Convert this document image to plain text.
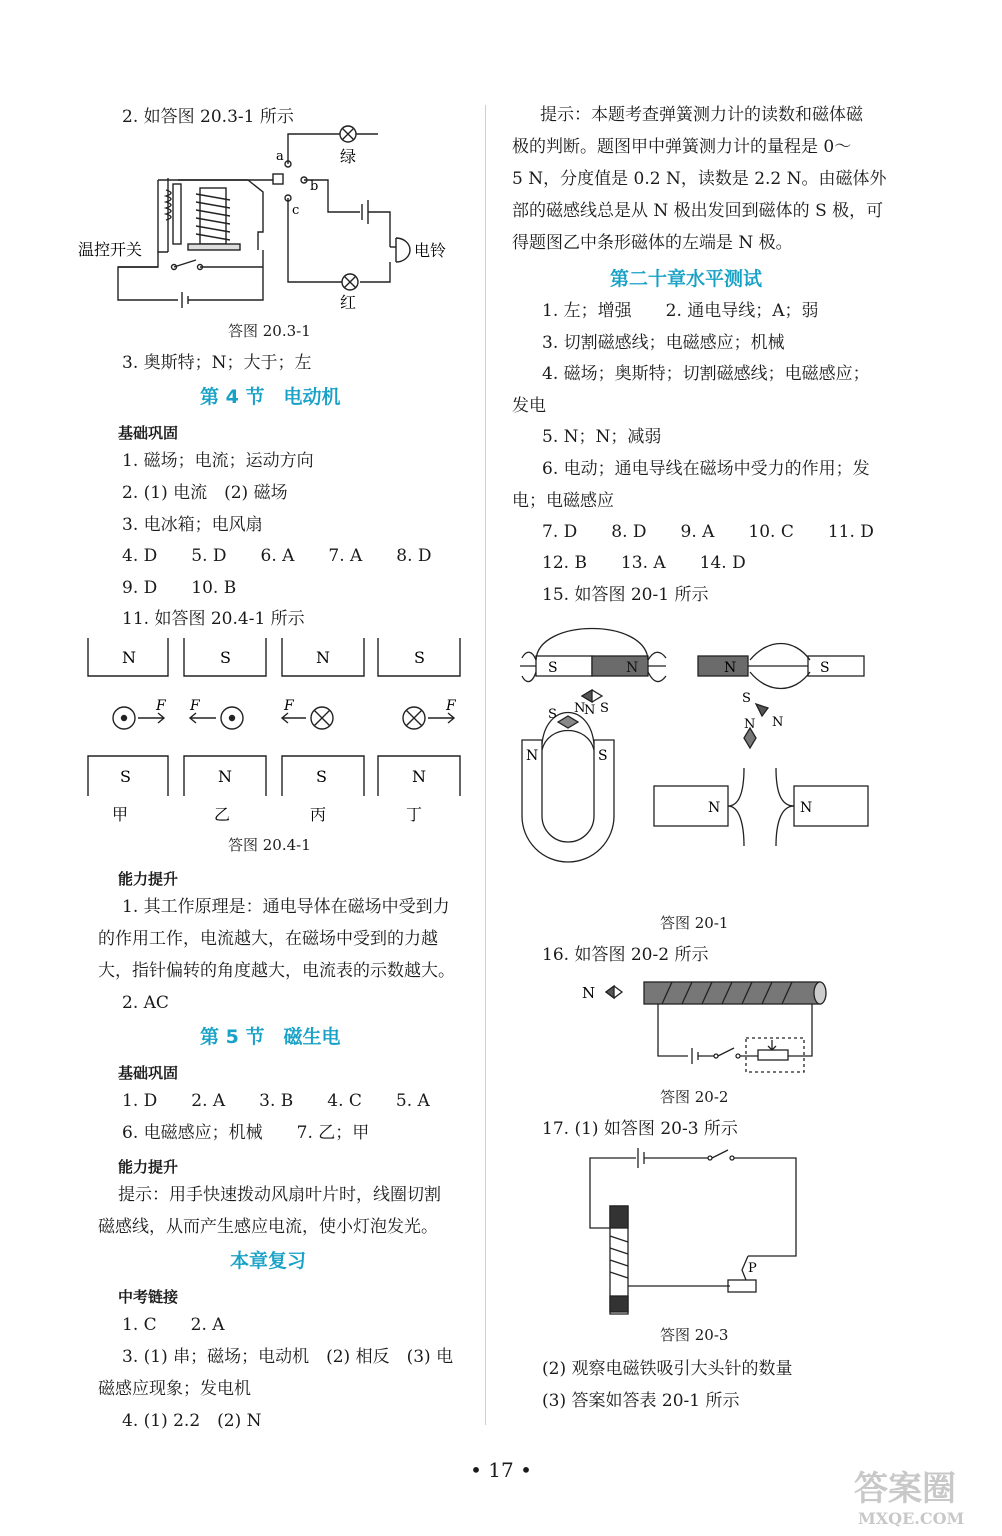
2. 如答图 20.3-1 所示
温控开关
a
b
c
绿
红
电铃
答图 20.3-1
3. 奥斯特；N；大于；左
第 4 节　电动机
基础巩固
1. 磁场；电流；运动方向
2. (1) 电流　(2) 磁场
3. 电冰箱；电风扇
4. D　　5. D　　6. A　　7. A　　8. D
9. D　　10. B
11. 如答图 20.4-1 所示
N	S	N	S
S	N	S	N
F F	F	F
甲	乙	丙	丁
答图 20.4-1
能力提升
1. 其工作原理是：通电导体在磁场中受到力
的作用工作，电流越大，在磁场中受到的力越
大，指针偏转的角度越大，电流表的示数越大。
2. AC
第 5 节　磁生电
基础巩固
1. D　　2. A　　3. B　　4. C　　5. A
6. 电磁感应；机械　　7. 乙；甲
能力提升
提示：用手快速拨动风扇叶片时，线圈切割
磁感线，从而产生感应电流，使小灯泡发光。
本章复习
中考链接
1. C　　2. A
3. (1) 串；磁场；电动机　(2) 相反　(3) 电
磁感应现象；发电机
4. (1) 2.2　(2) N
提示：本题考查弹簧测力计的读数和磁体磁
极的判断。题图甲中弹簧测力计的量程是 0～
5 N，分度值是 0.2 N，读数是 2.2 N。由磁体外
部的磁感线总是从 N 极出发回到磁体的 S 极，可
得题图乙中条形磁体的左端是 N 极。
第二十章水平测试
1. 左；增强　　2. 通电导线；A；弱
3. 切割磁感线；电磁感应；机械
4. 磁场；奥斯特；切割磁感线；电磁感应；
发电
5. N；N；减弱
6. 电动；通电导线在磁场中受力的作用；发
电；电磁感应
7. D　　8. D　　9. A　　10. C　　11. D
12. B　　13. A　　14. D
15. 如答图 20-1 所示
S	N
N S
N	S
S
N
S N
N	S
N	N
N
答图 20-1
16. 如答图 20-2 所示
N
答图 20-2
17. (1) 如答图 20-3 所示
P
答图 20-3
(2) 观察电磁铁吸引大头针的数量
(3) 答案如答表 20-1 所示
• 17 •	答案圈
MXQE.COM
